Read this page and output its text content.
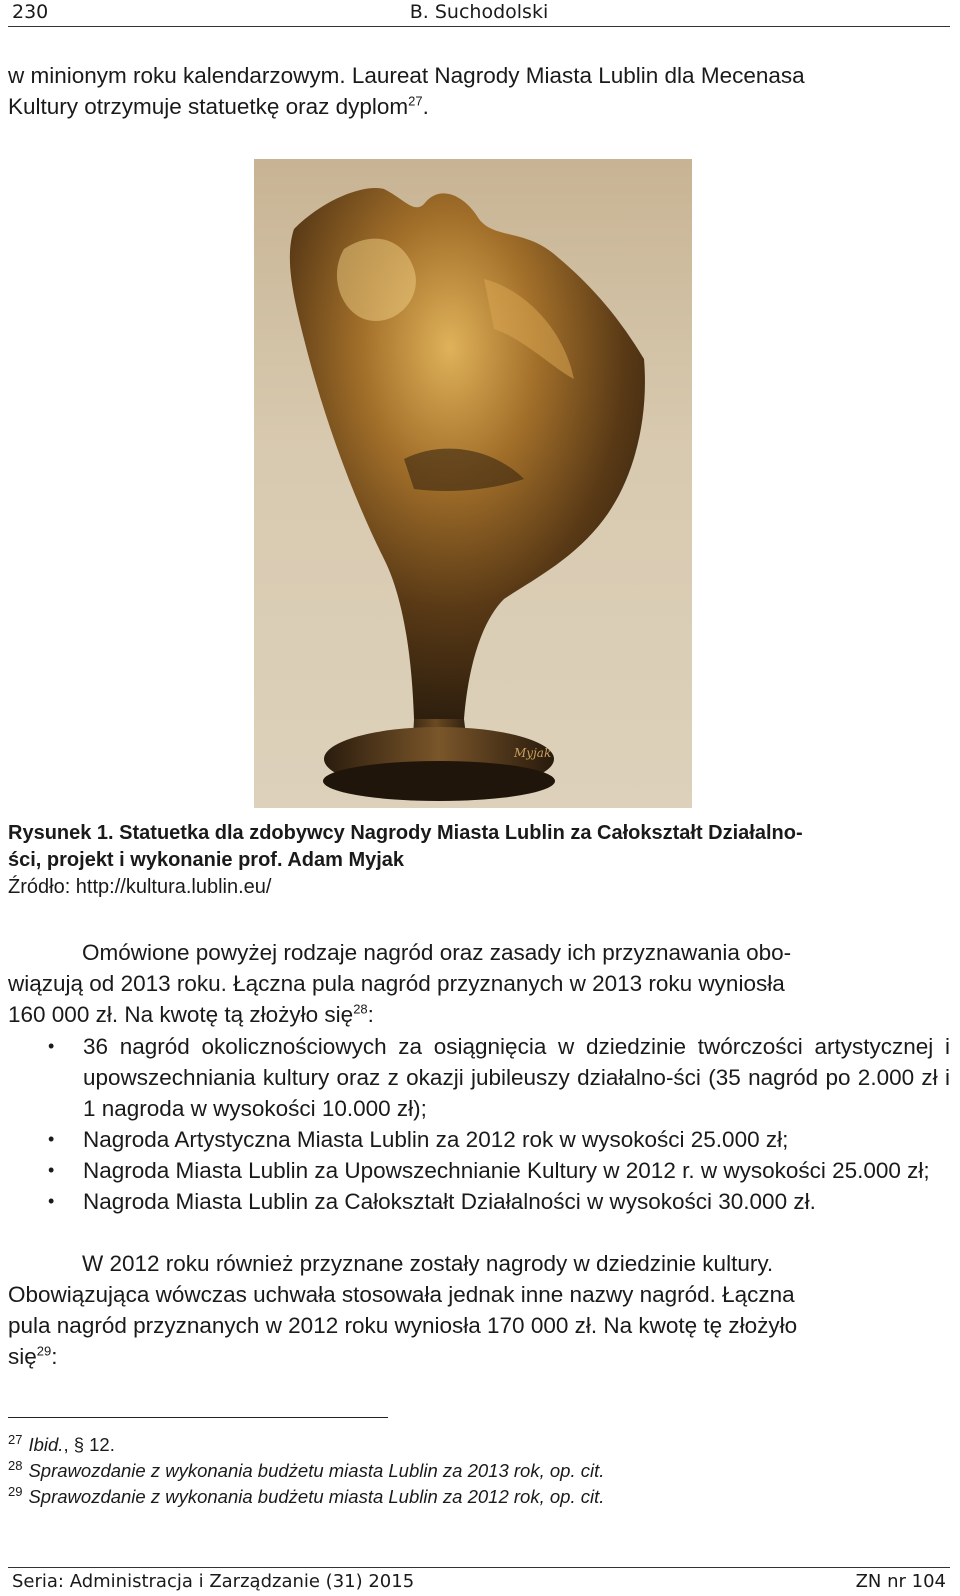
230	B. Suchodolski
w minionym roku kalendarzowym. Laureat Nagrody Miasta Lublin dla Mecenasa
Kultury otrzymuje statuetkę oraz dyplom$^{27}$.
Myjak
Rysunek 1. Statuetka dla zdobywcy Nagrody Miasta Lublin za Całokształt Działalno-
ści, projekt i wykonanie prof. Adam Myjak
Źródło: http://kultura.lublin.eu/
Omówione powyżej rodzaje nagród oraz zasady ich przyznawania obo-
wiązują od 2013 roku. Łączna pula nagród przyznanych w 2013 roku wyniosła
160 000 zł. Na kwotę tą złożyło się$^{28}$:
• 36 nagród okolicznościowych za osiągnięcia w dziedzinie twórczości artystycznej i upowszechniania kultury oraz z okazji jubileuszy działalno-ści (35 nagród po 2.000 zł i 1 nagroda w wysokości 10.000 zł);
• Nagroda Artystyczna Miasta Lublin za 2012 rok w wysokości 25.000 zł;
• Nagroda Miasta Lublin za Upowszechnianie Kultury w 2012 r. w wysokości 25.000 zł;
• Nagroda Miasta Lublin za Całokształt Działalności w wysokości 30.000 zł.
W 2012 roku również przyznane zostały nagrody w dziedzinie kultury.
Obowiązująca wówczas uchwała stosowała jednak inne nazwy nagród. Łączna
pula nagród przyznanych w 2012 roku wyniosła 170 000 zł. Na kwotę tę złożyło
się$^{29}$:
$^{27}$ Ibid., § 12.
$^{28}$ Sprawozdanie z wykonania budżetu miasta Lublin za 2013 rok, op. cit.
$^{29}$ Sprawozdanie z wykonania budżetu miasta Lublin za 2012 rok, op. cit.
Seria: Administracja i Zarządzanie (31) 2015	ZN nr 104
